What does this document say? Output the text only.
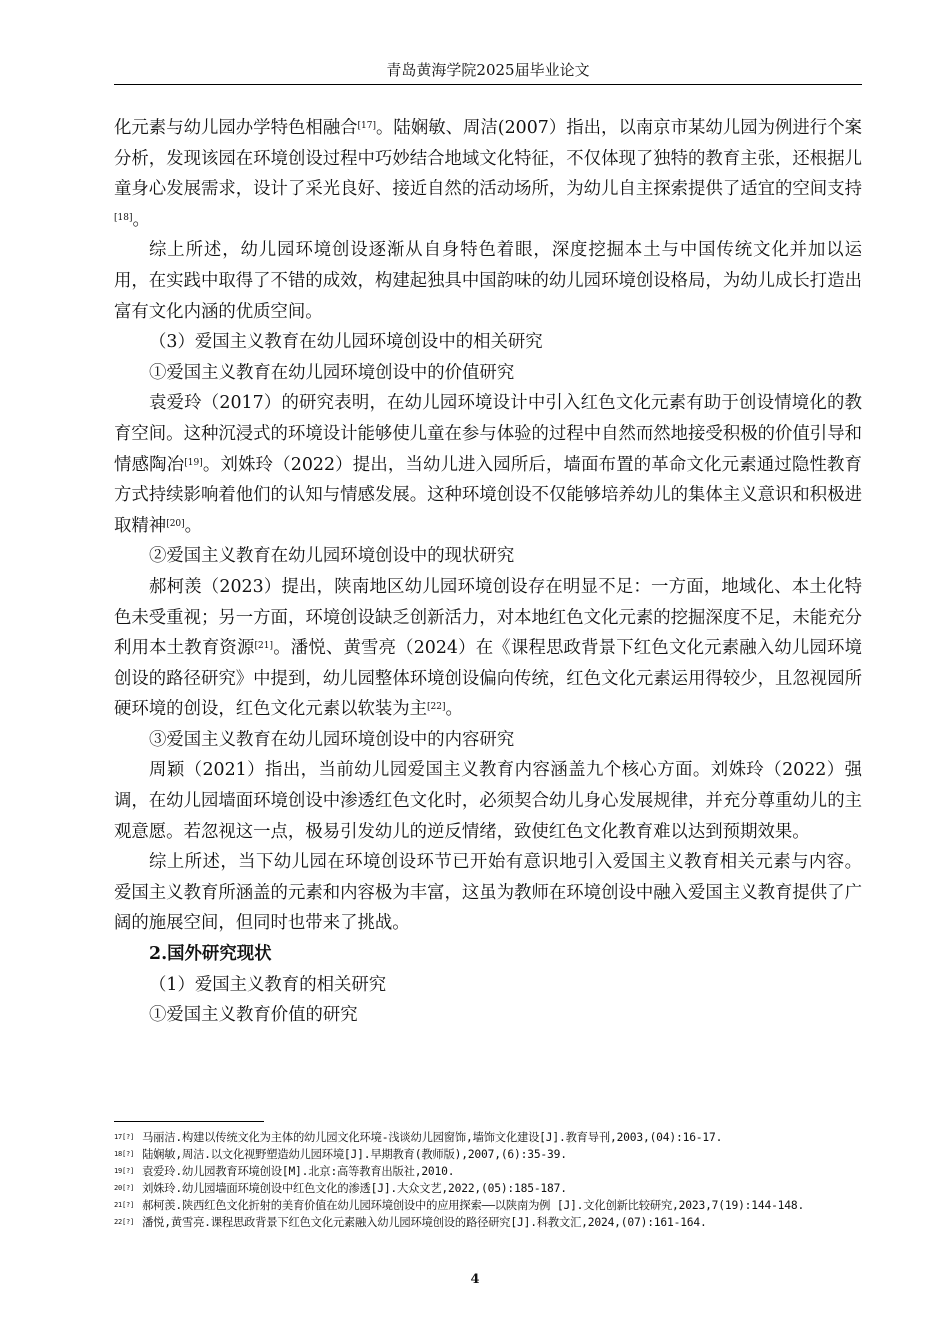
青岛黄海学院2025届毕业论文

化元素与幼儿园办学特色相融合[17]。陆娴敏、周洁(2007）指出，以南京市某幼儿园为例进行个案分析，发现该园在环境创设过程中巧妙结合地域文化特征，不仅体现了独特的教育主张，还根据儿童身心发展需求，设计了采光良好、接近自然的活动场所，为幼儿自主探索提供了适宜的空间支持[18]。

综上所述，幼儿园环境创设逐渐从自身特色着眼，深度挖掘本土与中国传统文化并加以运用，在实践中取得了不错的成效，构建起独具中国韵味的幼儿园环境创设格局，为幼儿成长打造出富有文化内涵的优质空间。

（3）爱国主义教育在幼儿园环境创设中的相关研究

①爱国主义教育在幼儿园环境创设中的价值研究

袁爱玲（2017）的研究表明，在幼儿园环境设计中引入红色文化元素有助于创设情境化的教育空间。这种沉浸式的环境设计能够使儿童在参与体验的过程中自然而然地接受积极的价值引导和情感陶冶[19]。刘姝玲（2022）提出，当幼儿进入园所后，墙面布置的革命文化元素通过隐性教育方式持续影响着他们的认知与情感发展。这种环境创设不仅能够培养幼儿的集体主义意识和积极进取精神[20]。

②爱国主义教育在幼儿园环境创设中的现状研究

郝柯羡（2023）提出，陕南地区幼儿园环境创设存在明显不足：一方面，地域化、本土化特色未受重视；另一方面，环境创设缺乏创新活力，对本地红色文化元素的挖掘深度不足，未能充分利用本土教育资源[21]。潘悦、黄雪亮（2024）在《课程思政背景下红色文化元素融入幼儿园环境创设的路径研究》中提到，幼儿园整体环境创设偏向传统，红色文化元素运用得较少，且忽视园所硬环境的创设，红色文化元素以软装为主[22]。

③爱国主义教育在幼儿园环境创设中的内容研究

周颖（2021）指出，当前幼儿园爱国主义教育内容涵盖九个核心方面。刘姝玲（2022）强调，在幼儿园墙面环境创设中渗透红色文化时，必须契合幼儿身心发展规律，并充分尊重幼儿的主观意愿。若忽视这一点，极易引发幼儿的逆反情绪，致使红色文化教育难以达到预期效果。

综上所述，当下幼儿园在环境创设环节已开始有意识地引入爱国主义教育相关元素与内容。爱国主义教育所涵盖的元素和内容极为丰富，这虽为教师在环境创设中融入爱国主义教育提供了广阔的施展空间，但同时也带来了挑战。

2.国外研究现状

（1）爱国主义教育的相关研究

①爱国主义教育价值的研究

$^{17[?]}$ 马丽洁.构建以传统文化为主体的幼儿园文化环境-浅谈幼儿园窗饰,墙饰文化建设[J].教育导刊,2003,(04):16-17.

$^{18[?]}$ 陆娴敏,周洁.以文化视野塑造幼儿园环境[J].早期教育(教师版),2007,(6):35-39.

$^{19[?]}$ 袁爱玲.幼儿园教育环境创设[M].北京:高等教育出版社,2010.

$^{20[?]}$ 刘姝玲.幼儿园墙面环境创设中红色文化的渗透[J].大众文艺,2022,(05):185-187.

$^{21[?]}$ 郝柯羡.陕西红色文化折射的美育价值在幼儿园环境创设中的应用探索——以陕南为例 [J].文化创新比较研究,2023,7(19):144-148.

$^{22[?]}$ 潘悦,黄雪亮.课程思政背景下红色文化元素融入幼儿园环境创设的路径研究[J].科教文汇,2024,(07):161-164.

4
